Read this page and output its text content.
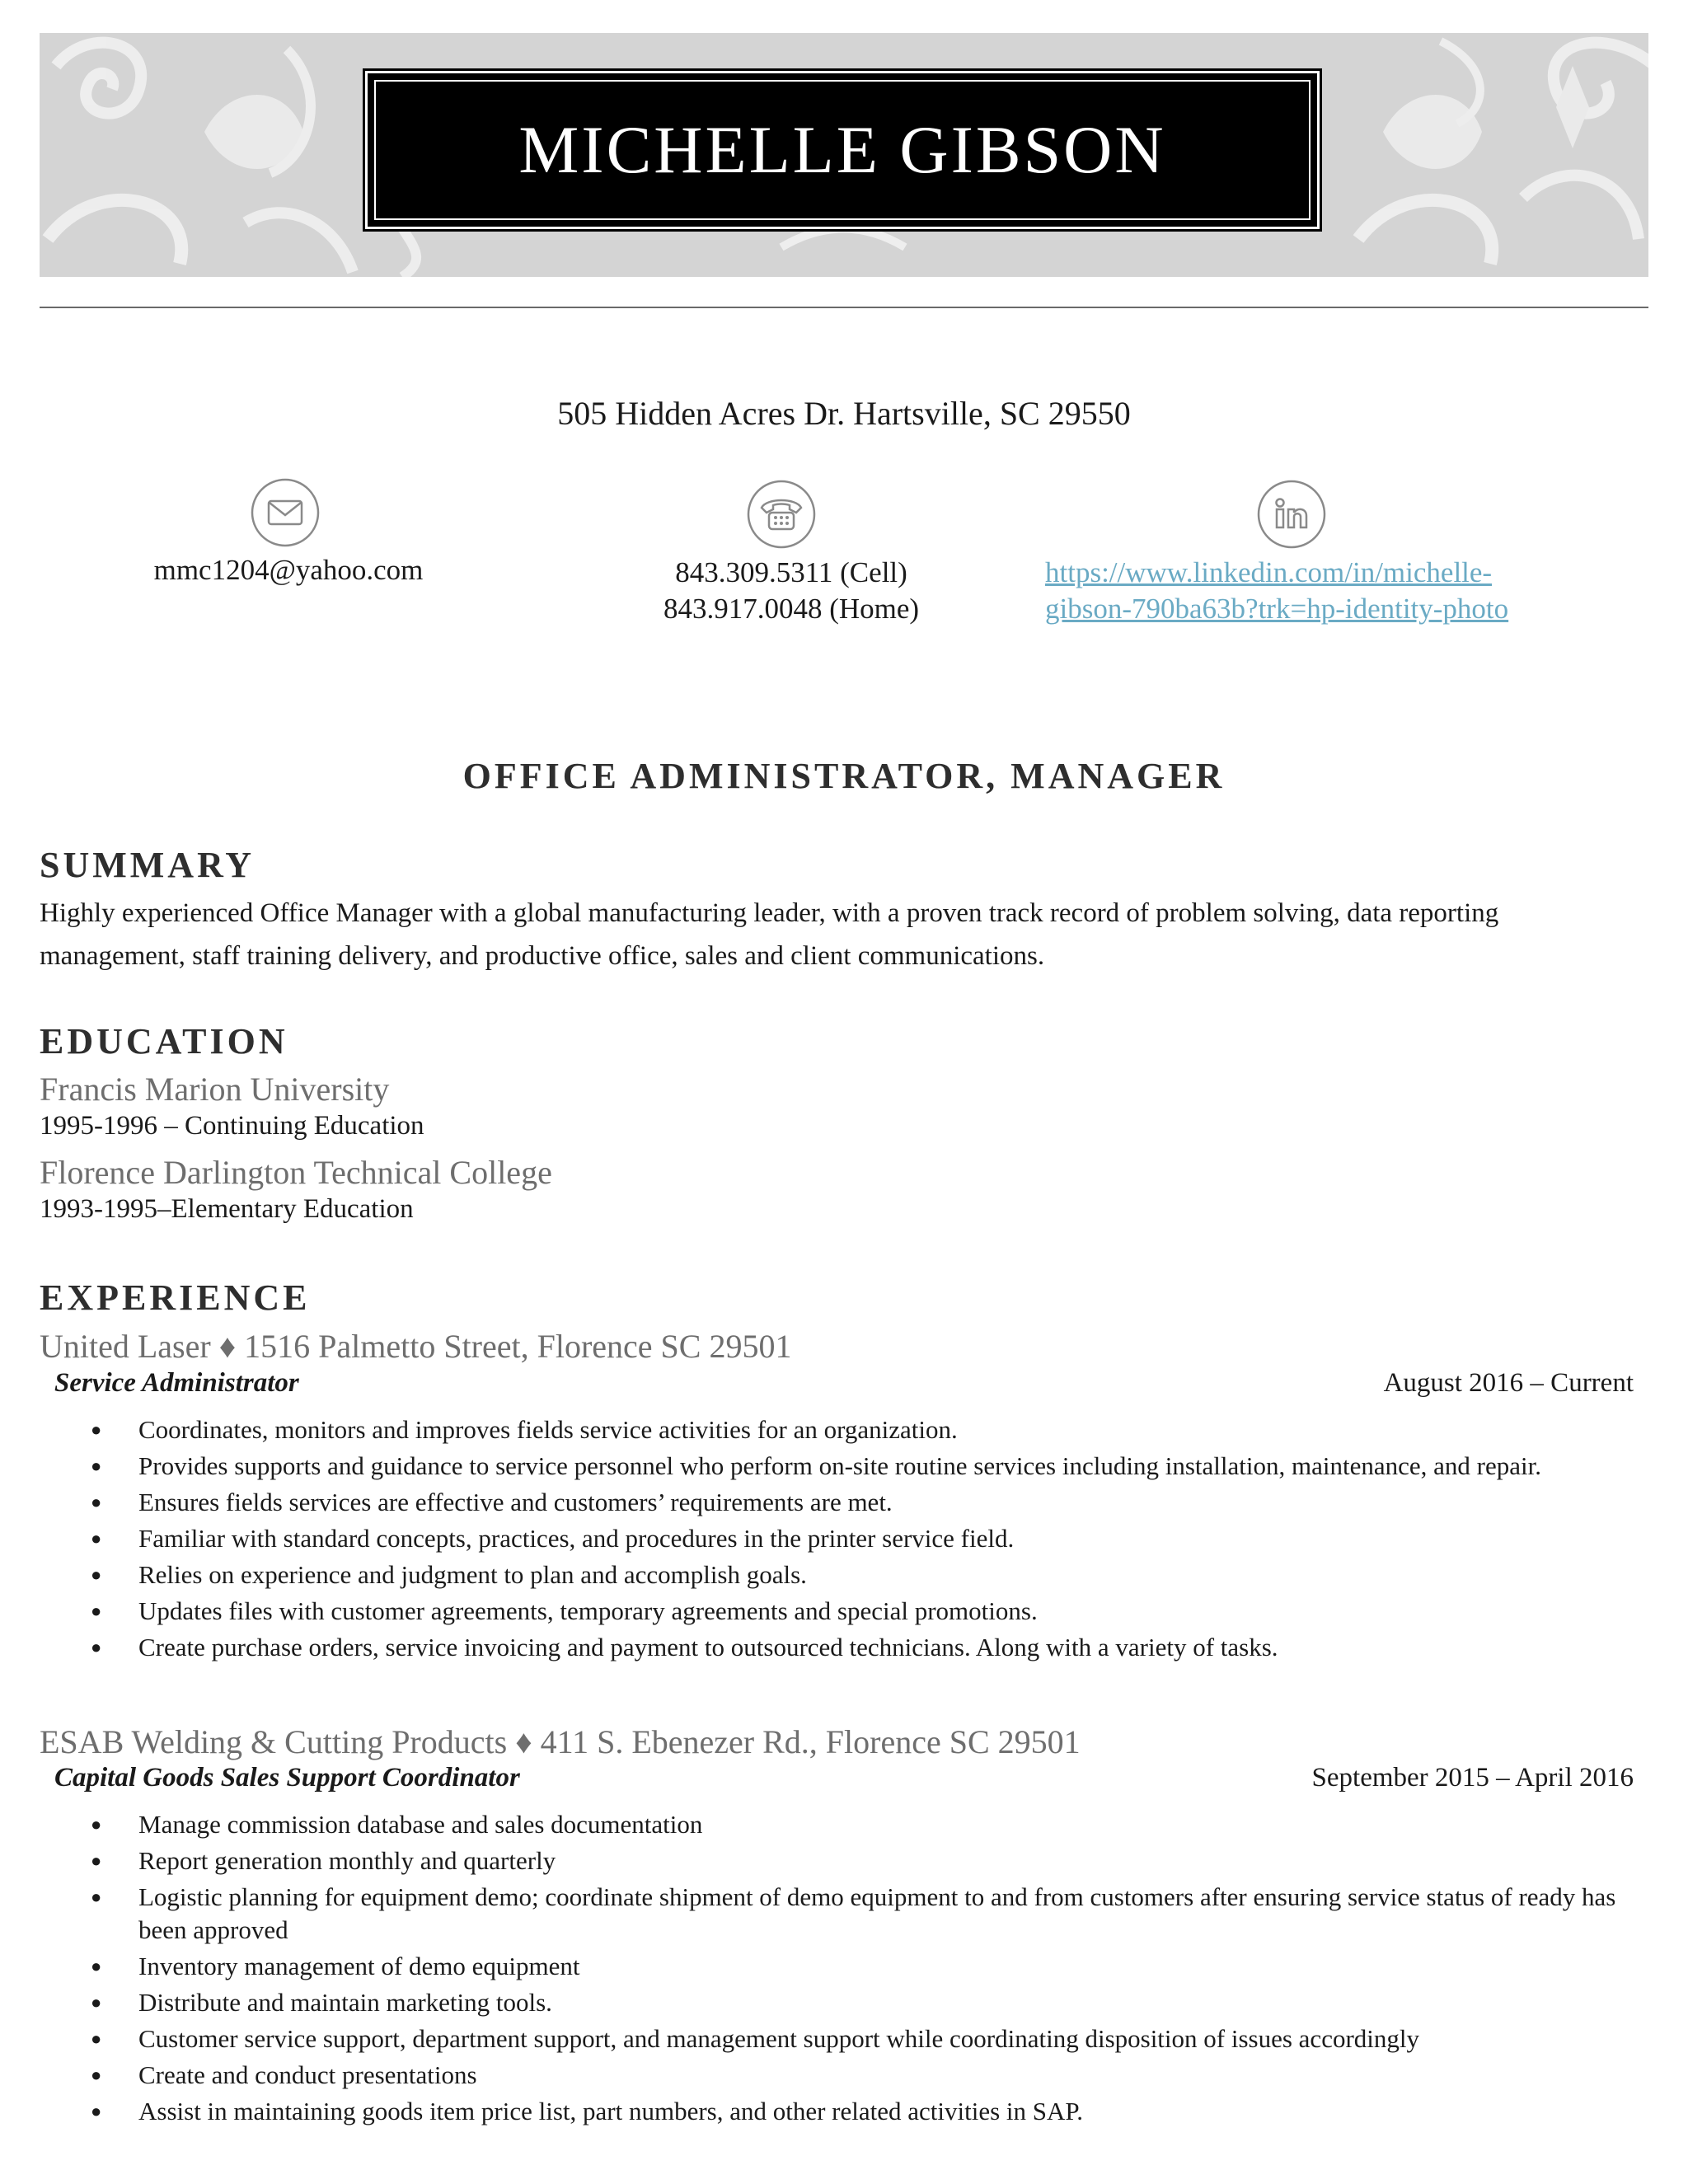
MICHELLE GIBSON
505 Hidden Acres Dr. Hartsville, SC 29550
mmc1204@yahoo.com	843.309.5311 (Cell)
843.917.0048 (Home)
https://www.linkedin.com/in/michelle-
gibson-790ba63b?trk=hp-identity-photo
OFFICE ADMINISTRATOR, MANAGER
SUMMARY
Highly experienced Office Manager with a global manufacturing leader, with a proven track record of problem solving, data reporting
management, staff training delivery, and productive office, sales and client communications.
EDUCATION
Francis Marion University
1995-1996 – Continuing Education
Florence Darlington Technical College
1993-1995–Elementary Education
EXPERIENCE
United Laser ♦ 1516 Palmetto Street, Florence SC 29501
Service Administrator	August 2016 – Current
● Coordinates, monitors and improves fields service activities for an organization.
● Provides supports and guidance to service personnel who perform on-site routine services including installation, maintenance, and repair.
● Ensures fields services are effective and customers’ requirements are met.
● Familiar with standard concepts, practices, and procedures in the printer service field.
● Relies on experience and judgment to plan and accomplish goals.
● Updates files with customer agreements, temporary agreements and special promotions.
● Create purchase orders, service invoicing and payment to outsourced technicians. Along with a variety of tasks.
ESAB Welding & Cutting Products ♦ 411 S. Ebenezer Rd., Florence SC 29501
Capital Goods Sales Support Coordinator	September 2015 – April 2016
● Manage commission database and sales documentation
● Report generation monthly and quarterly
● Logistic planning for equipment demo; coordinate shipment of demo equipment to and from customers after ensuring service status of ready has been approved
● Inventory management of demo equipment
● Distribute and maintain marketing tools.
● Customer service support, department support, and management support while coordinating disposition of issues accordingly
● Create and conduct presentations
● Assist in maintaining goods item price list, part numbers, and other related activities in SAP.
